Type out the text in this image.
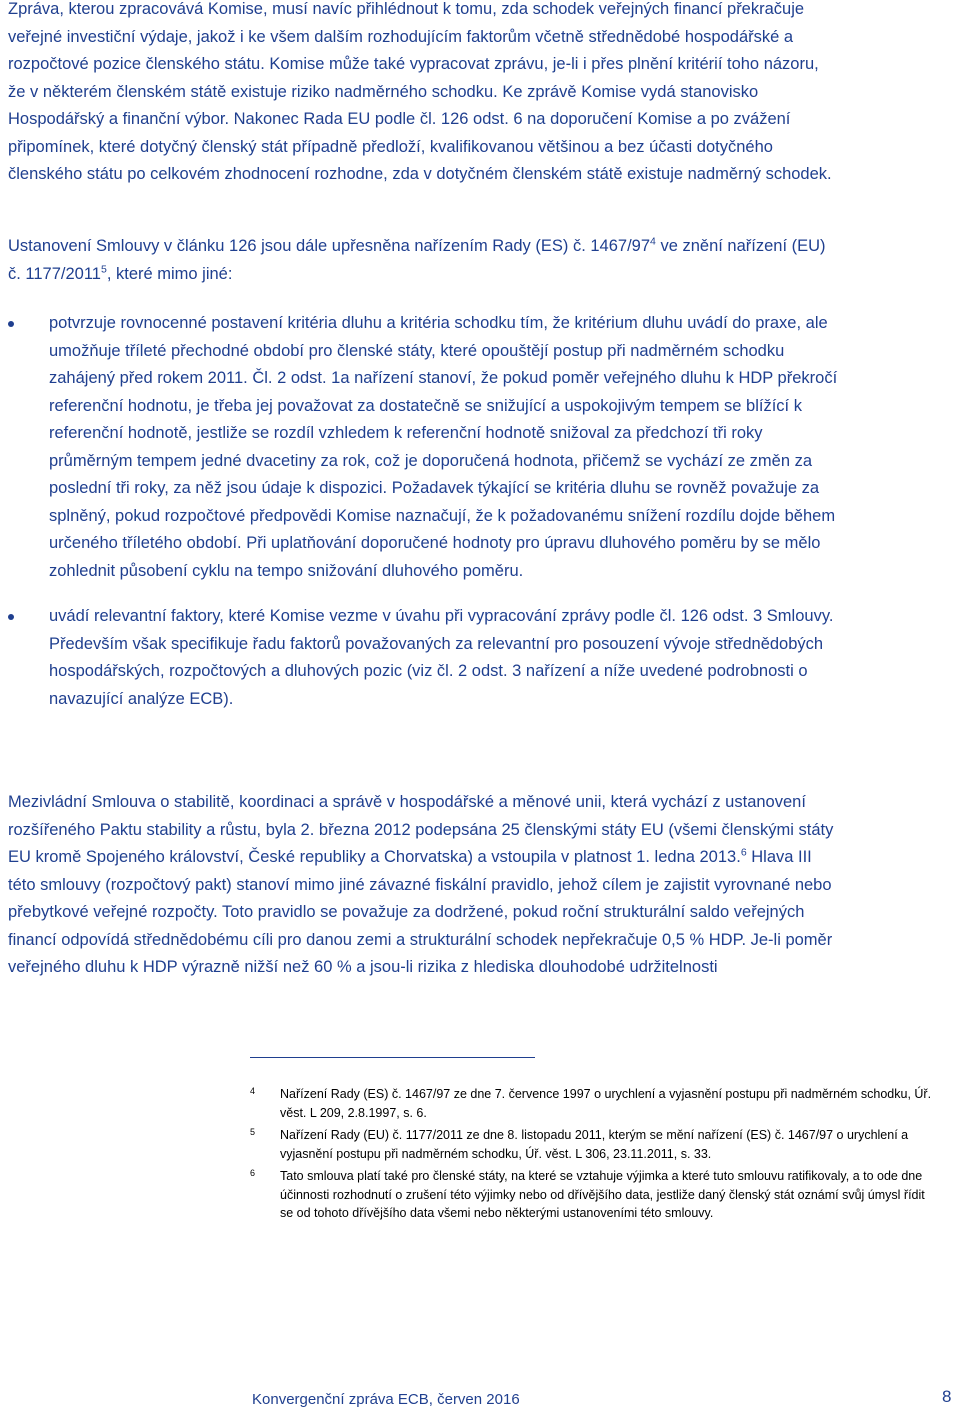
Zpráva, kterou zpracovává Komise, musí navíc přihlédnout k tomu, zda schodek veřejných financí překračuje veřejné investiční výdaje, jakož i ke všem dalším rozhodujícím faktorům včetně střednědobé hospodářské a rozpočtové pozice členského státu. Komise může také vypracovat zprávu, je-li i přes plnění kritérií toho názoru, že v některém členském státě existuje riziko nadměrného schodku. Ke zprávě Komise vydá stanovisko Hospodářský a finanční výbor. Nakonec Rada EU podle čl. 126 odst. 6 na doporučení Komise a po zvážení připomínek, které dotyčný členský stát případně předloží, kvalifikovanou většinou a bez účasti dotyčného členského státu po celkovém zhodnocení rozhodne, zda v dotyčném členském státě existuje nadměrný schodek.

Ustanovení Smlouvy v článku 126 jsou dále upřesněna nařízením Rady (ES) č. $1467/97^4$ ve znění nařízení (EU) č. 1177/2011$^5$, které mimo jiné:

potvrzuje rovnocenné postavení kritéria dluhu a kritéria schodku tím, že kritérium dluhu uvádí do praxe, ale umožňuje tříleté přechodné období pro členské státy, které opouštějí postup při nadměrném schodku zahájený před rokem 2011. Čl. 2 odst. 1a nařízení stanoví, že pokud poměr veřejného dluhu k HDP překročí referenční hodnotu, je třeba jej považovat za dostatečně se snižující a uspokojivým tempem se blížící k referenční hodnotě, jestliže se rozdíl vzhledem k referenční hodnotě snižoval za předchozí tři roky průměrným tempem jedné dvacetiny za rok, což je doporučená hodnota, přičemž se vychází ze změn za poslední tři roky, za něž jsou údaje k dispozici. Požadavek týkající se kritéria dluhu se rovněž považuje za splněný, pokud rozpočtové předpovědi Komise naznačují, že k požadovanému snížení rozdílu dojde během určeného tříletého období. Při uplatňování doporučené hodnoty pro úpravu dluhového poměru by se mělo zohlednit působení cyklu na tempo snižování dluhového poměru.
uvádí relevantní faktory, které Komise vezme v úvahu při vypracování zprávy podle čl. 126 odst. 3 Smlouvy. Především však specifikuje řadu faktorů považovaných za relevantní pro posouzení vývoje střednědobých hospodářských, rozpočtových a dluhových pozic (viz čl. 2 odst. 3 nařízení a níže uvedené podrobnosti o navazující analýze ECB).

Mezivládní Smlouva o stabilitě, koordinaci a správě v hospodářské a měnové unii, která vychází z ustanovení rozšířeného Paktu stability a růstu, byla 2. března 2012 podepsána 25 členskými státy EU (všemi členskými státy EU kromě Spojeného království, České republiky a Chorvatska) a vstoupila v platnost 1. ledna 2013.$^6$ Hlava III této smlouvy (rozpočtový pakt) stanoví mimo jiné závazné fiskální pravidlo, jehož cílem je zajistit vyrovnané nebo přebytkové veřejné rozpočty. Toto pravidlo se považuje za dodržené, pokud roční strukturální saldo veřejných financí odpovídá střednědobému cíli pro danou zemi a strukturální schodek nepřekračuje 0,5 % HDP. Je-li poměr veřejného dluhu k HDP výrazně nižší než 60 % a jsou-li rizika z hlediska dlouhodobé udržitelnosti

4 Nařízení Rady (ES) č. 1467/97 ze dne 7. července 1997 o urychlení a vyjasnění postupu při nadměrném schodku, Úř. věst. L 209, 2.8.1997, s. 6.
5 Nařízení Rady (EU) č. 1177/2011 ze dne 8. listopadu 2011, kterým se mění nařízení (ES) č. 1467/97 o urychlení a vyjasnění postupu při nadměrném schodku, Úř. věst. L 306, 23.11.2011, s. 33.
6 Tato smlouva platí také pro členské státy, na které se vztahuje výjimka a které tuto smlouvu ratifikovaly, a to ode dne účinnosti rozhodnutí o zrušení této výjimky nebo od dřívějšího data, jestliže daný členský stát oznámí svůj úmysl řídit se od tohoto dřívějšího data všemi nebo některými ustanoveními této smlouvy.
Konvergenční zpráva ECB, červen 2016	8
